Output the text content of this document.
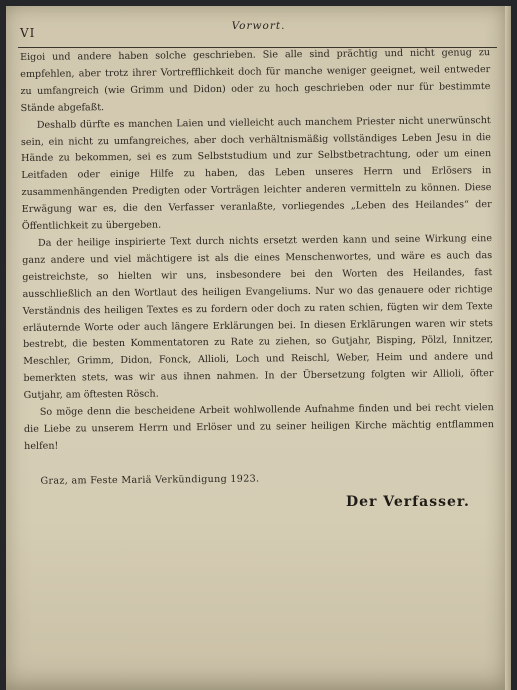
VI	Vorwort.

Eigoi und andere haben solche geschrieben. Sie alle sind prächtig und nicht genug zu empfehlen, aber trotz ihrer Vortrefflichkeit doch für manche weniger geeignet, weil entweder zu umfangreich (wie Grimm und Didon) oder zu hoch geschrieben oder nur für bestimmte Stände abgefaßt.

Deshalb dürfte es manchen Laien und vielleicht auch manchem Priester nicht unerwünscht sein, ein nicht zu umfangreiches, aber doch verhältnismäßig vollständiges Leben Jesu in die Hände zu bekommen, sei es zum Selbststudium und zur Selbstbetrachtung, oder um einen Leitfaden oder einige Hilfe zu haben, das Leben unseres Herrn und Erlösers in zusammenhängenden Predigten oder Vorträgen leichter anderen vermitteln zu können. Diese Erwägung war es, die den Verfasser veranlaßte, vorliegendes „Leben des Heilandes“ der Öffentlichkeit zu übergeben.

Da der heilige inspirierte Text durch nichts ersetzt werden kann und seine Wirkung eine ganz andere und viel mächtigere ist als die eines Menschenwortes, und wäre es auch das geistreichste, so hielten wir uns, insbesondere bei den Worten des Heilandes, fast ausschließlich an den Wortlaut des heiligen Evangeliums. Nur wo das genauere oder richtige Verständnis des heiligen Textes es zu fordern oder doch zu raten schien, fügten wir dem Texte erläuternde Worte oder auch längere Erklärungen bei. In diesen Erklärungen waren wir stets bestrebt, die besten Kommentatoren zu Rate zu ziehen, so Gutjahr, Bisping, Pölzl, Innitzer, Meschler, Grimm, Didon, Fonck, Allioli, Loch und Reischl, Weber, Heim und andere und bemerkten stets, was wir aus ihnen nahmen. In der Übersetzung folgten wir Allioli, öfter Gutjahr, am öftesten Rösch.

So möge denn die bescheidene Arbeit wohlwollende Aufnahme finden und bei recht vielen die Liebe zu unserem Herrn und Erlöser und zu seiner heiligen Kirche mächtig entflammen helfen!

Graz, am Feste Mariä Verkündigung 1923.

Der Verfasser.
